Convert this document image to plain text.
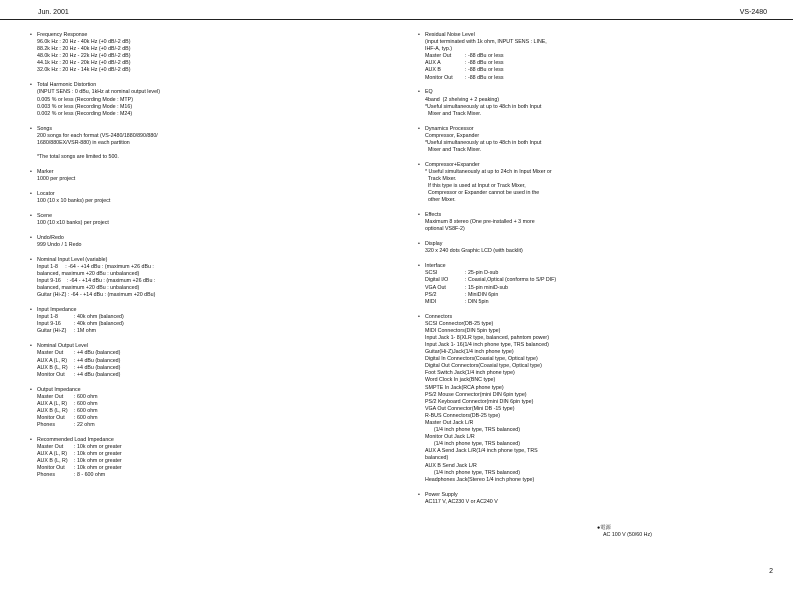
Jun. 2001	VS-2480
• Frequency Response
96.0k Hz : 20 Hz - 40k Hz (+0 dB/-2 dB)
88.2k Hz : 20 Hz - 40k Hz (+0 dB/-2 dB)
48.0k Hz : 20 Hz - 22k Hz (+0 dB/-2 dB)
44.1k Hz : 20 Hz - 20k Hz (+0 dB/-2 dB)
32.0k Hz : 20 Hz - 14k Hz (+0 dB/-2 dB)
• Total Harmonic Distortion
(INPUT SENS : 0 dBu, 1kHz at nominal output level)
0.005 % or less (Recording Mode : MTP)
0.003 % or less (Recording Mode : M16)
0.002 % or less (Recording Mode : M24)
• Songs
200 songs for each format (VS-2480/1880/890/880/
1680/880EX/VSR-880) in each partition
*The total songs are limited to 500.
• Marker
1000 per project
• Locator
100 (10 x 10 banks) per project
• Scene
100 (10 x10 banks) per project
• Undo/Redo
999 Undo / 1 Redo
• Nominal Input Level (variable)
Input 1-8     : -64 - +14 dBu : (maximum +26 dBu :
balanced, maximum +20 dBu : unbalanced)
Input 9-16    : -64 - +14 dBu : (maximum +26 dBu :
balanced, maximum +20 dBu : unbalanced)
Guitar (Hi-Z) : -64 - +14 dBu : (maximum +20 dBu)
• Input Impedance
Input 1-8	: 40k ohm (balanced)
Input 9-16	: 40k ohm (balanced)
Guitar (Hi-Z)	: 1M ohm
• Nominal Output Level
Master Out	: +4 dBu (balanced)
AUX A (L, R)	: +4 dBu (balanced)
AUX B (L, R)	: +4 dBu (balanced)
Monitor Out	: +4 dBu (balanced)
• Output Impedance
Master Out	: 600 ohm
AUX A (L, R)	: 600 ohm
AUX B (L, R)	: 600 ohm
Monitor Out	: 600 ohm
Phones	: 22 ohm
• Recommended Load Impedance
Master Out	: 10k ohm or greater
AUX A (L, R)	: 10k ohm or greater
AUX B (L, R)	: 10k ohm or greater
Monitor Out	: 10k ohm or greater
Phones	: 8 - 600 ohm
• Residual Noise Level
(input terminated with 1k ohm, INPUT SENS : LINE,
IHF-A, typ.)
Master Out	: -88 dBu or less
AUX A	: -88 dBu or less
AUX B	: -88 dBu or less
Monitor Out	: -88 dBu or less
• EQ
4band  (2 shelving + 2 peaking)
*Useful simultaneously at up to 48ch in both Input
Mixer and Track Mixer.
• Dynamics Processor
Compressor, Expander
*Useful simultaneously at up to 48ch in both Input
Mixer and Track Mixer.
• Compressor+Expander
* Useful simultaneously at up to 24ch in Input Mixer or
Track Mixer.
If this type is used at Input or Track Mixer,
Compressor or Expander cannot be used in the
other Mixer.
• Effects
Maximum 8 stereo (One pre-installed + 3 more
optional VS8F-2)
• Display
320 x 240 dots Graphic LCD (with backlit)
• Interface
SCSI	: 25-pin D-sub
Digital I/O	: Coaxial,Optical (conforms to S/P DIF)
VGA Out	: 15-pin miniD-sub
PS/2	: MiniDIN 6pin
MIDI	: DIN 5pin
• Connectors
SCSI Connector(DB-25 type)
MIDI Connectors(DIN 5pin type)
Input Jack 1- 8(XLR type, balanced, pahntom power)
Input Jack 1- 16(1/4 inch phone type, TRS balanced)
Guitar(Hi-Z)Jack(1/4 inch phone type)
Digital In Connectors(Coaxial type, Optical type)
Digital Out Connectors(Coaxial type, Optical type)
Foot Switch Jack(1/4 inch phone type)
Word Clock In jack(BNC type)
SMPTE In Jack(RCA phone type)
PS/2 Mouse Connector(mini DIN 6pin type)
PS/2 Keyboard Connector(mini DIN 6pin type)
VGA Out Connector(Mini DB -15 type)
R-BUS Connectors(DB-25 type)
Master Out Jack L/R
(1/4 inch phone type, TRS balanced)
Monitor Out Jack L/R
(1/4 inch phone type, TRS balanced)
AUX A Send Jack L/R(1/4 inch phone type, TRS
balanced)
AUX B Send Jack L/R
(1/4 inch phone type, TRS balanced)
Headphones Jack(Stereo 1/4 inch phone type)
• Power Supply
AC117 V, AC230 V or AC240 V
●電源
AC 100 V (50/60 Hz)
2
